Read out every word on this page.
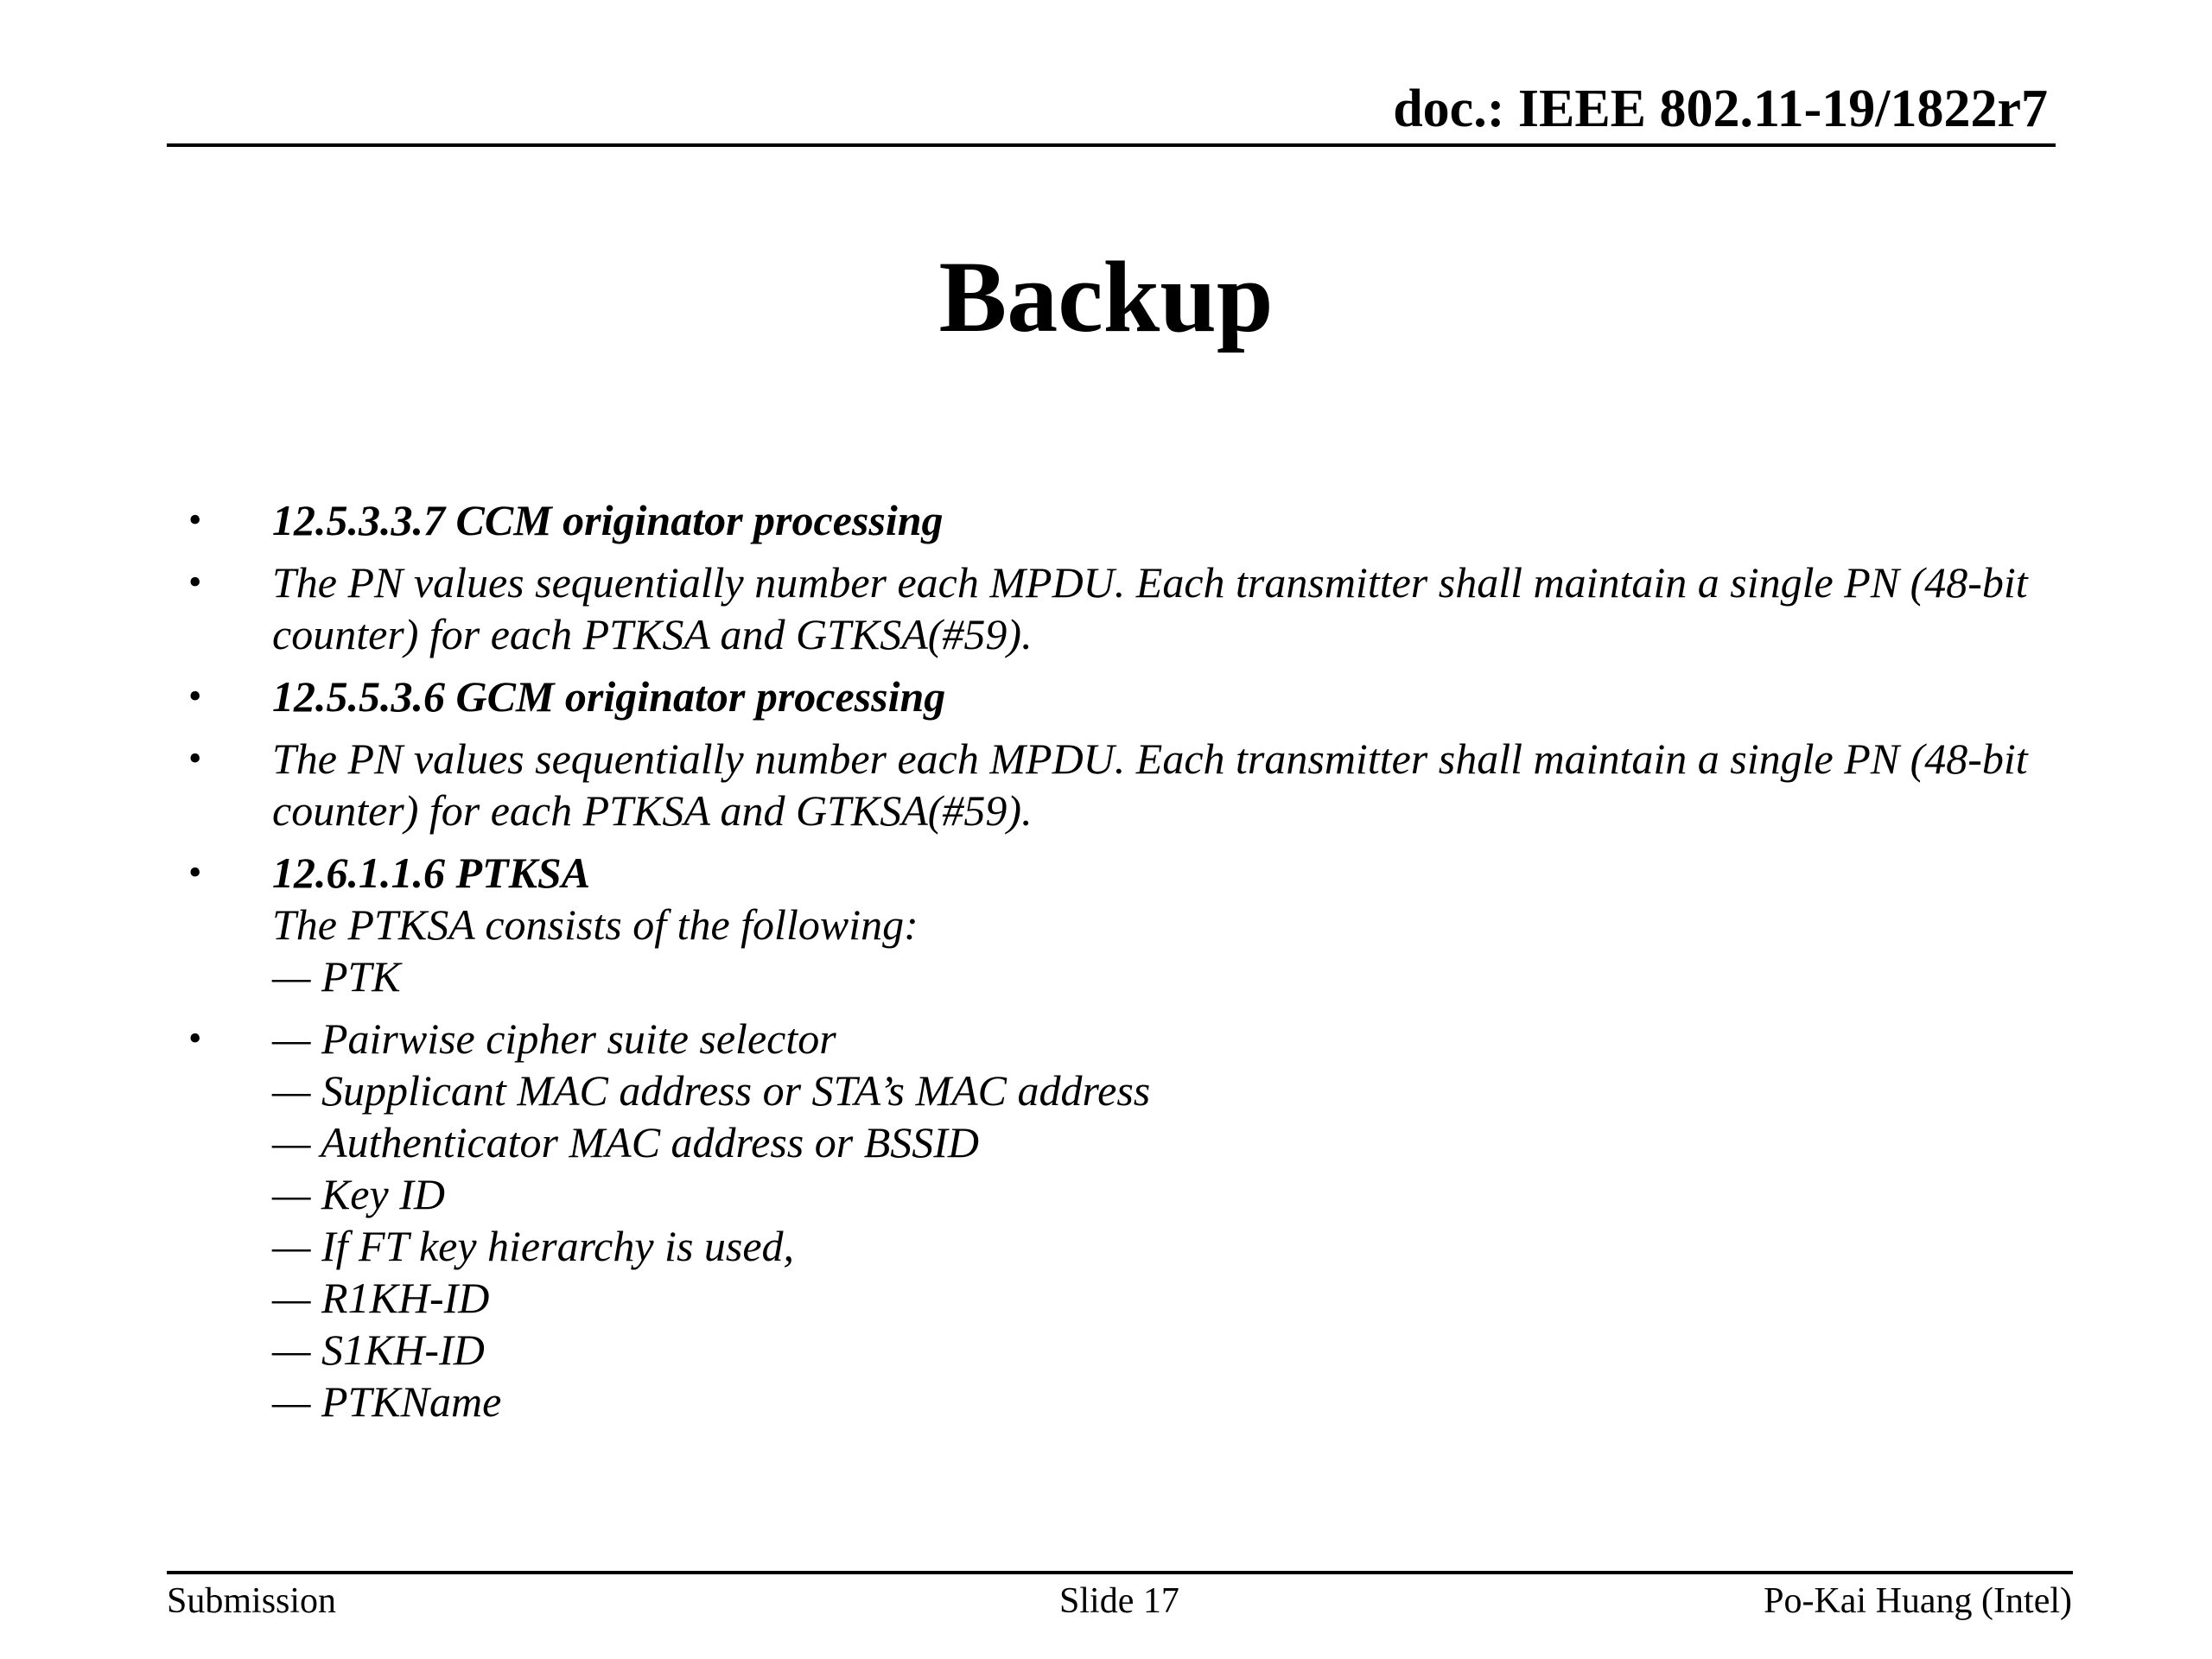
doc.: IEEE 802.11-19/1822r7
Backup
• 12.5.3.3.7 CCM originator processing
• The PN values sequentially number each MPDU. Each transmitter shall maintain a single PN (48-bit counter) for each PTKSA and GTKSA(#59).
• 12.5.5.3.6 GCM originator processing
• The PN values sequentially number each MPDU. Each transmitter shall maintain a single PN (48-bit counter) for each PTKSA and GTKSA(#59).
• 12.6.1.1.6 PTKSA
The PTKSA consists of the following:
— PTK
• — Pairwise cipher suite selector
— Supplicant MAC address or STA’s MAC address
— Authenticator MAC address or BSSID
— Key ID
— If FT key hierarchy is used,
— R1KH-ID
— S1KH-ID
— PTKName
Submission	Slide 17	Po-Kai Huang (Intel)
